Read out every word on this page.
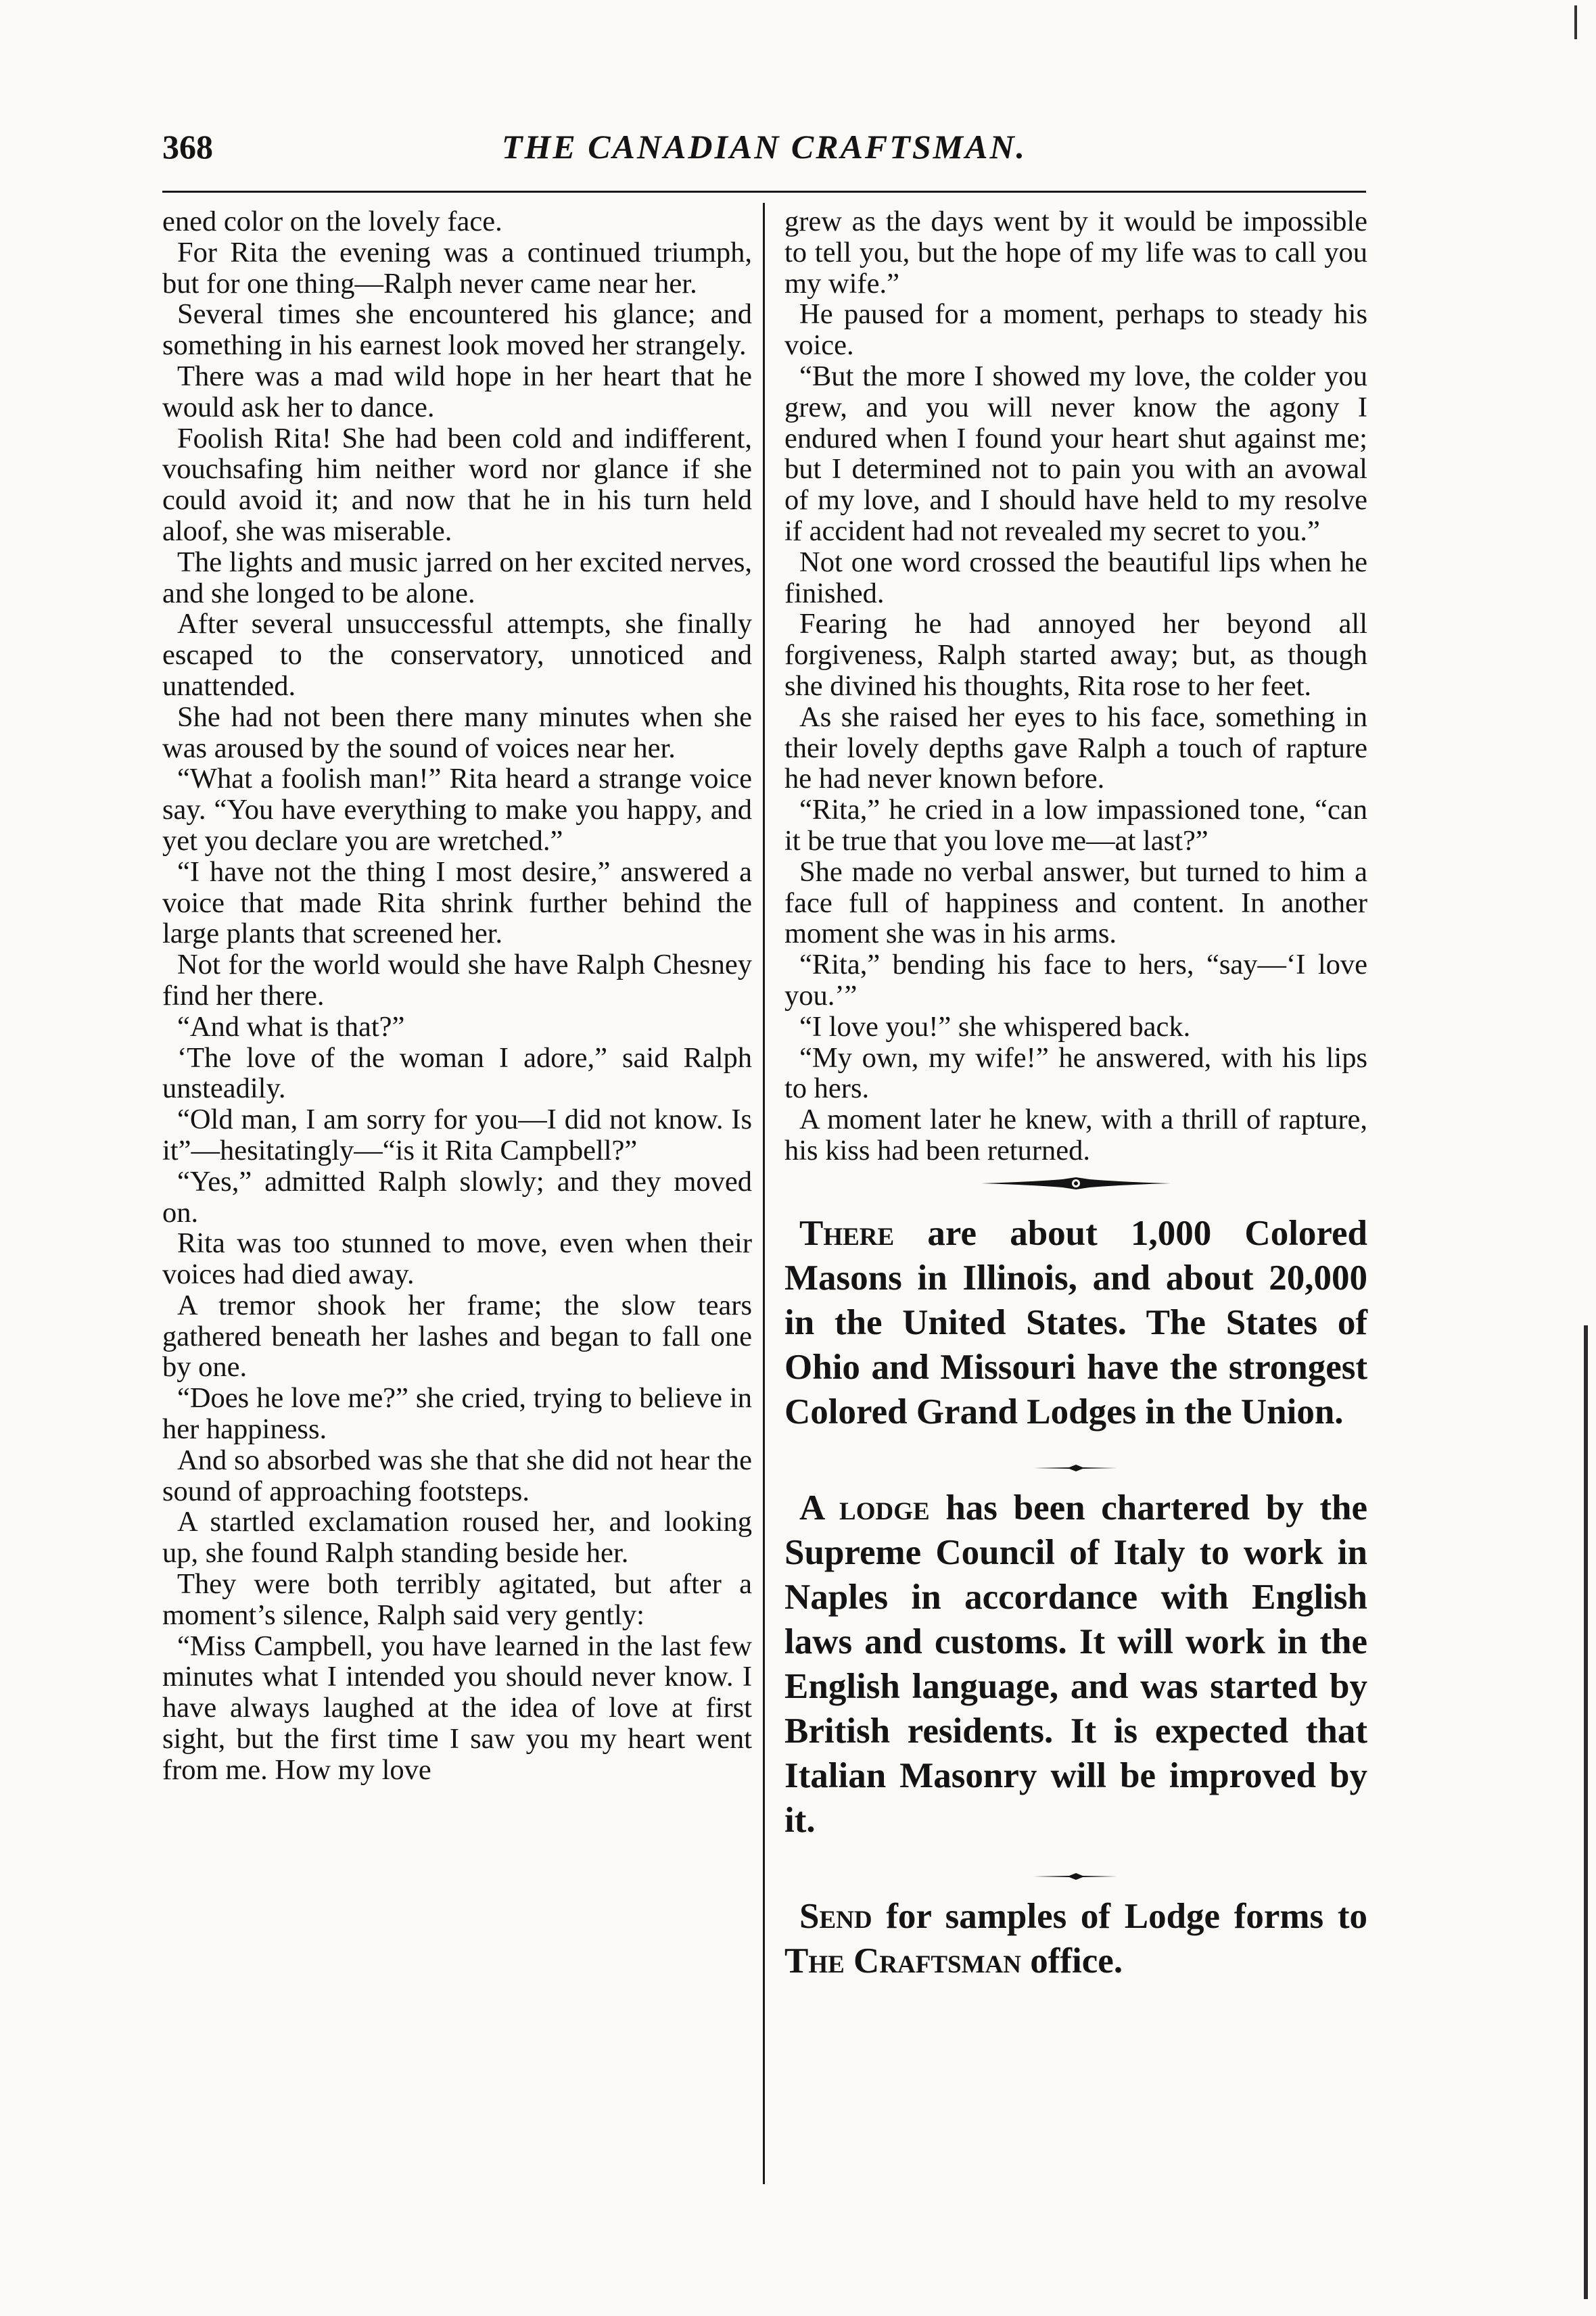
368	THE CANADIAN CRAFTSMAN.

ened color on the lovely face.

For Rita the evening was a continued triumph, but for one thing—Ralph never came near her.

Several times she encountered his glance; and something in his earnest look moved her strangely.

There was a mad wild hope in her heart that he would ask her to dance.

Foolish Rita! She had been cold and indifferent, vouchsafing him neither word nor glance if she could avoid it; and now that he in his turn held aloof, she was miserable.

The lights and music jarred on her excited nerves, and she longed to be alone.

After several unsuccessful attempts, she finally escaped to the conservatory, unnoticed and unattended.

She had not been there many minutes when she was aroused by the sound of voices near her.

“What a foolish man!” Rita heard a strange voice say. “You have everything to make you happy, and yet you declare you are wretched.”

“I have not the thing I most desire,” answered a voice that made Rita shrink further behind the large plants that screened her.

Not for the world would she have Ralph Chesney find her there.

“And what is that?”

‘The love of the woman I adore,” said Ralph unsteadily.

“Old man, I am sorry for you—I did not know. Is it”—hesitatingly—“is it Rita Campbell?”

“Yes,” admitted Ralph slowly; and they moved on.

Rita was too stunned to move, even when their voices had died away.

A tremor shook her frame; the slow tears gathered beneath her lashes and began to fall one by one.

“Does he love me?” she cried, trying to believe in her happiness.

And so absorbed was she that she did not hear the sound of approaching footsteps.

A startled exclamation roused her, and looking up, she found Ralph standing beside her.

They were both terribly agitated, but after a moment’s silence, Ralph said very gently:

“Miss Campbell, you have learned in the last few minutes what I intended you should never know. I have always laughed at the idea of love at first sight, but the first time I saw you my heart went from me. How my love

grew as the days went by it would be impossible to tell you, but the hope of my life was to call you my wife.”

He paused for a moment, perhaps to steady his voice.

“But the more I showed my love, the colder you grew, and you will never know the agony I endured when I found your heart shut against me; but I determined not to pain you with an avowal of my love, and I should have held to my resolve if accident had not revealed my secret to you.”

Not one word crossed the beautiful lips when he finished.

Fearing he had annoyed her beyond all forgiveness, Ralph started away; but, as though she divined his thoughts, Rita rose to her feet.

As she raised her eyes to his face, something in their lovely depths gave Ralph a touch of rapture he had never known before.

“Rita,” he cried in a low impassioned tone, “can it be true that you love me—at last?”

She made no verbal answer, but turned to him a face full of happiness and content. In another moment she was in his arms.

“Rita,” bending his face to hers, “say—‘I love you.’”

“I love you!” she whispered back.

“My own, my wife!” he answered, with his lips to hers.

A moment later he knew, with a thrill of rapture, his kiss had been returned.

There are about 1,000 Colored Masons in Illinois, and about 20,000 in the United States. The States of Ohio and Missouri have the strongest Colored Grand Lodges in the Union.

A lodge has been chartered by the Supreme Council of Italy to work in Naples in accordance with English laws and customs. It will work in the English language, and was started by British residents. It is expected that Italian Masonry will be improved by it.

Send for samples of Lodge forms to The Craftsman office.
